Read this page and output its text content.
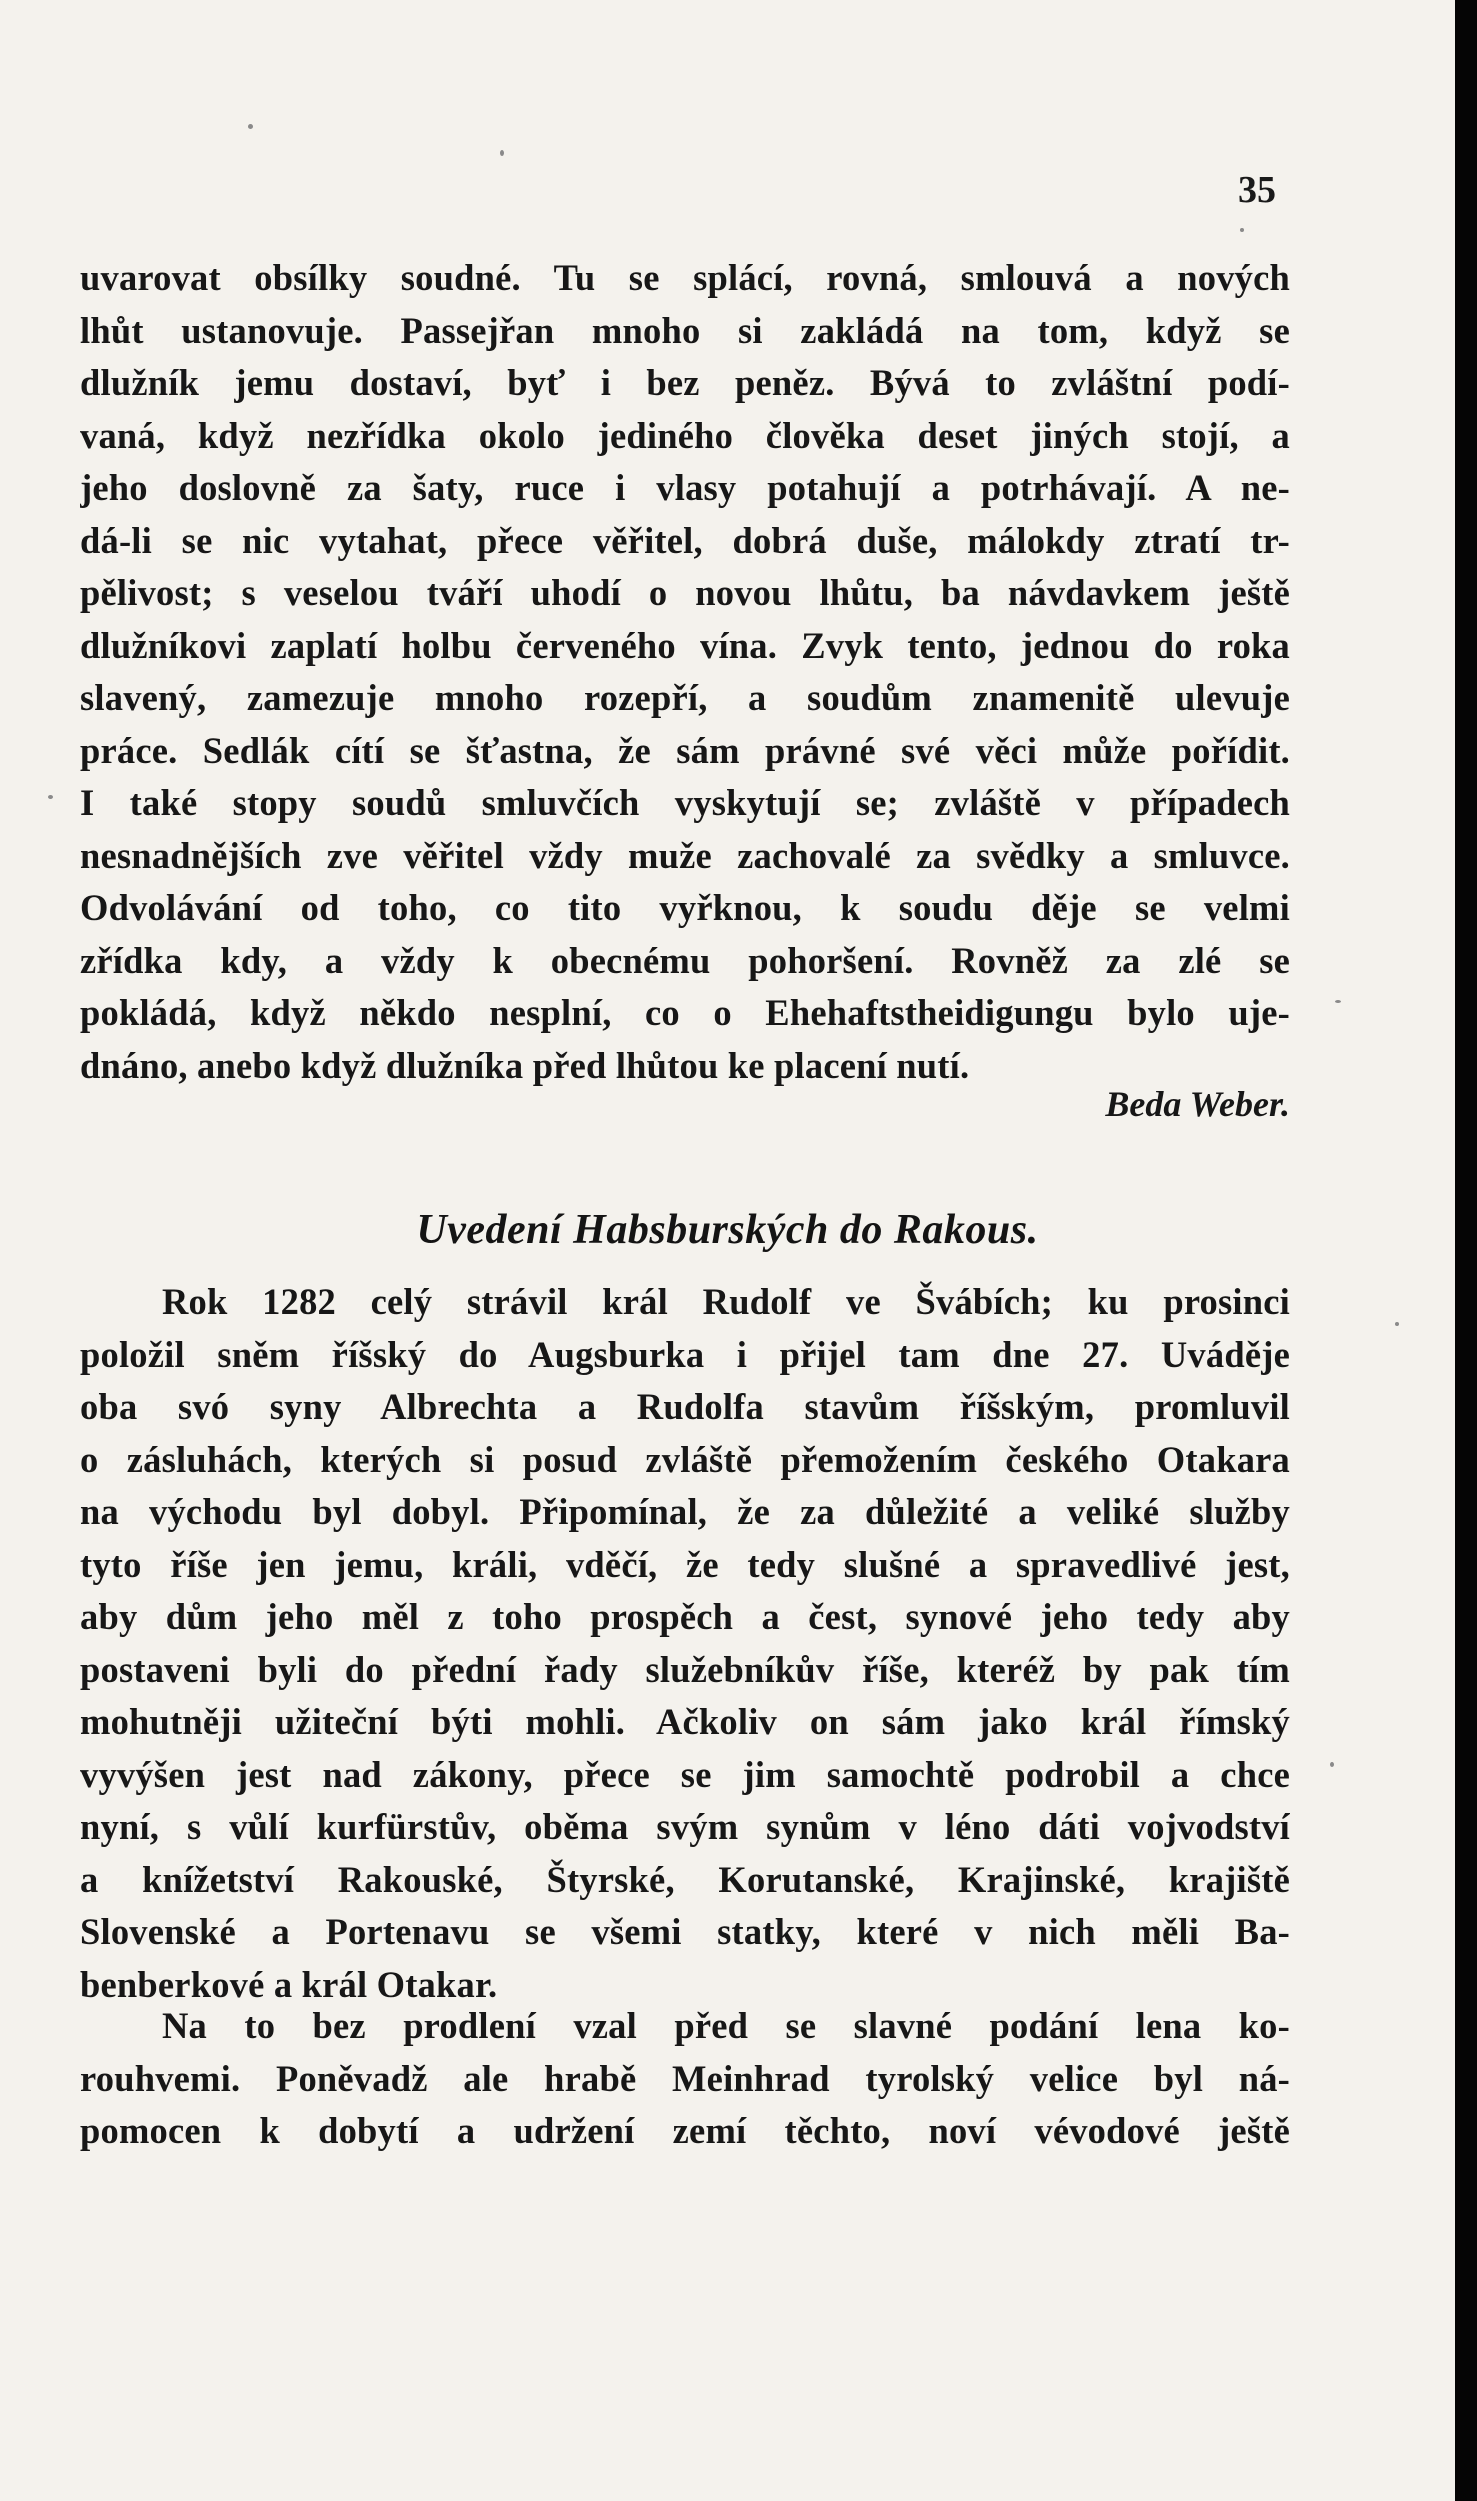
35
uvarovat obsílky soudné. Tu se splácí, rovná, smlouvá a nových
lhůt ustanovuje. Passejřan mnoho si zakládá na tom, když se
dlužník jemu dostaví, byť i bez peněz. Bývá to zvláštní podí-
vaná, když nezřídka okolo jediného člověka deset jiných stojí, a
jeho doslovně za šaty, ruce i vlasy potahují a potrhávají. A ne-
dá-li se nic vytahat, přece věřitel, dobrá duše, málokdy ztratí tr-
pělivost; s veselou tváří uhodí o novou lhůtu, ba návdavkem ještě
dlužníkovi zaplatí holbu červeného vína. Zvyk tento, jednou do roka
slavený, zamezuje mnoho rozepří, a soudům znamenitě ulevuje
práce. Sedlák cítí se šťastna, že sám právné své věci může pořídit.
I také stopy soudů smluvčích vyskytují se; zvláště v případech
nesnadnějších zve věřitel vždy muže zachovalé za svědky a smluvce.
Odvolávání od toho, co tito vyřknou, k soudu děje se velmi
zřídka kdy, a vždy k obecnému pohoršení. Rovněž za zlé se
pokládá, když někdo nesplní, co o Ehehaftstheidigungu bylo uje-
dnáno, anebo když dlužníka před lhůtou ke placení nutí.
Beda Weber.
Uvedení Habsburských do Rakous.
Rok 1282 celý strávil král Rudolf ve Švábích; ku prosinci
položil sněm říšský do Augsburka i přijel tam dne 27. Uváděje
oba svó syny Albrechta a Rudolfa stavům říšským, promluvil
o zásluhách, kterých si posud zvláště přemožením českého Otakara
na východu byl dobyl. Připomínal, že za důležité a veliké služby
tyto říše jen jemu, králi, vděčí, že tedy slušné a spravedlivé jest,
aby dům jeho měl z toho prospěch a čest, synové jeho tedy aby
postaveni byli do přední řady služebníkův říše, kteréž by pak tím
mohutněji užiteční býti mohli. Ačkoliv on sám jako král římský
vyvýšen jest nad zákony, přece se jim samochtě podrobil a chce
nyní, s vůlí kurfürstův, oběma svým synům v léno dáti vojvodství
a knížetství Rakouské, Štyrské, Korutanské, Krajinské, krajiště
Slovenské a Portenavu se všemi statky, které v nich měli Ba-
benberkové a král Otakar.
Na to bez prodlení vzal před se slavné podání lena ko-
rouhvemi. Poněvadž ale hrabě Meinhrad tyrolský velice byl ná-
pomocen k dobytí a udržení zemí těchto, noví vévodové ještě
